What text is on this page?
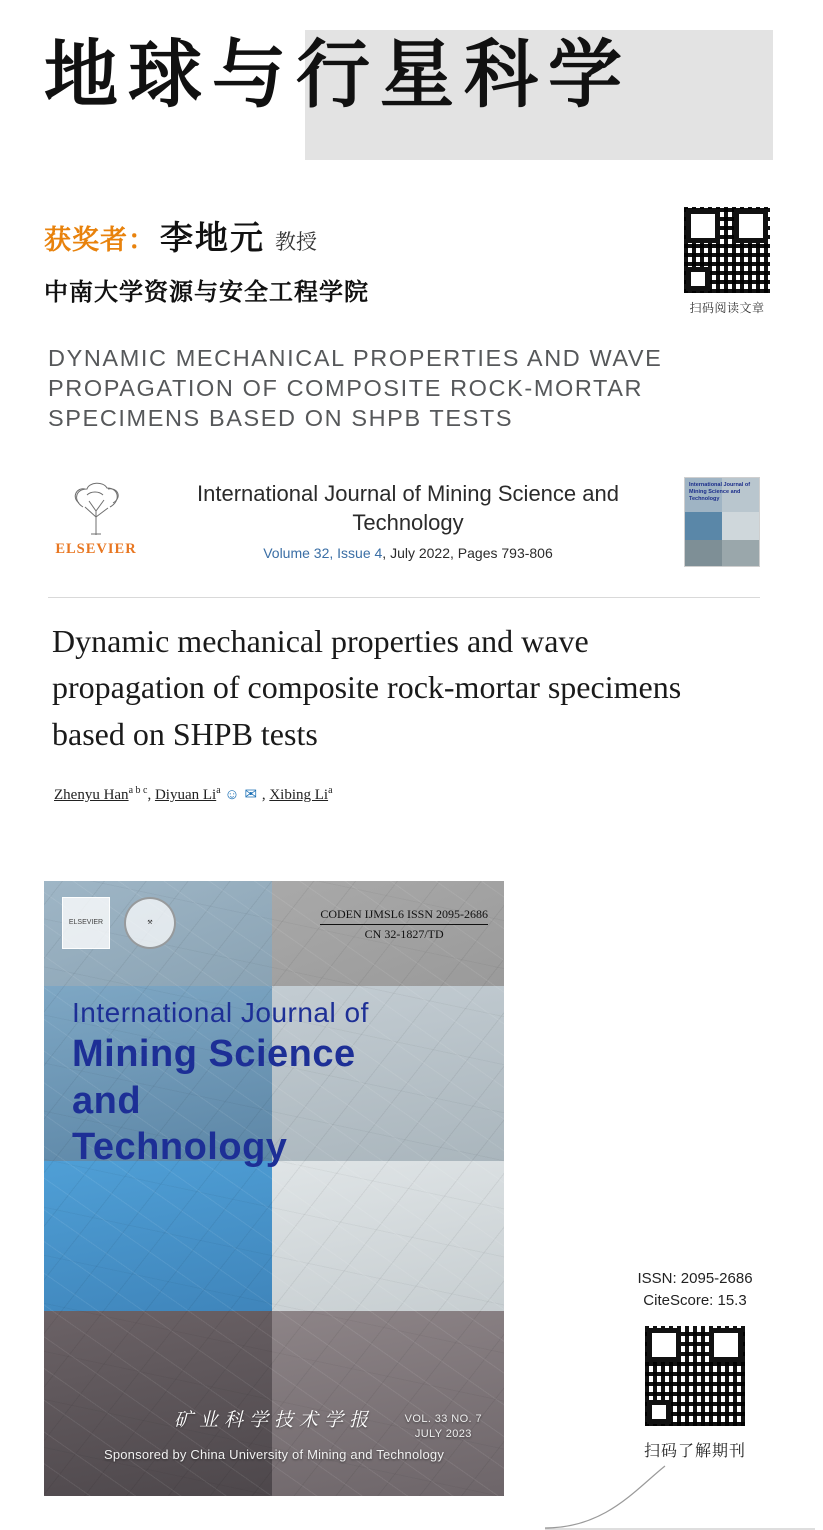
地球与行星科学
获奖者： 李地元 教授
中南大学资源与安全工程学院
扫码阅读文章
DYNAMIC MECHANICAL PROPERTIES AND WAVE PROPAGATION OF COMPOSITE ROCK-MORTAR SPECIMENS BASED ON SHPB TESTS
ELSEVIER
International Journal of Mining Science and Technology
Volume 32, Issue 4, July 2022, Pages 793-806
International Journal of Mining Science and Technology
Dynamic mechanical properties and wave propagation of composite rock-mortar specimens based on SHPB tests
Zhenyu Han$^{a b c}$, Diyuan Li$^a$ ☺ ✉ , Xibing Li$^a$
ELSEVIER	⚒
CODEN IJMSL6 ISSN 2095-2686
CN 32-1827/TD
International Journal of
Mining Science
and
Technology
VOL. 33 NO. 7
JULY 2023
矿业科学技术学报
Sponsored by China University of Mining and Technology
ISSN: 2095-2686
CiteScore: 15.3
扫码了解期刊
